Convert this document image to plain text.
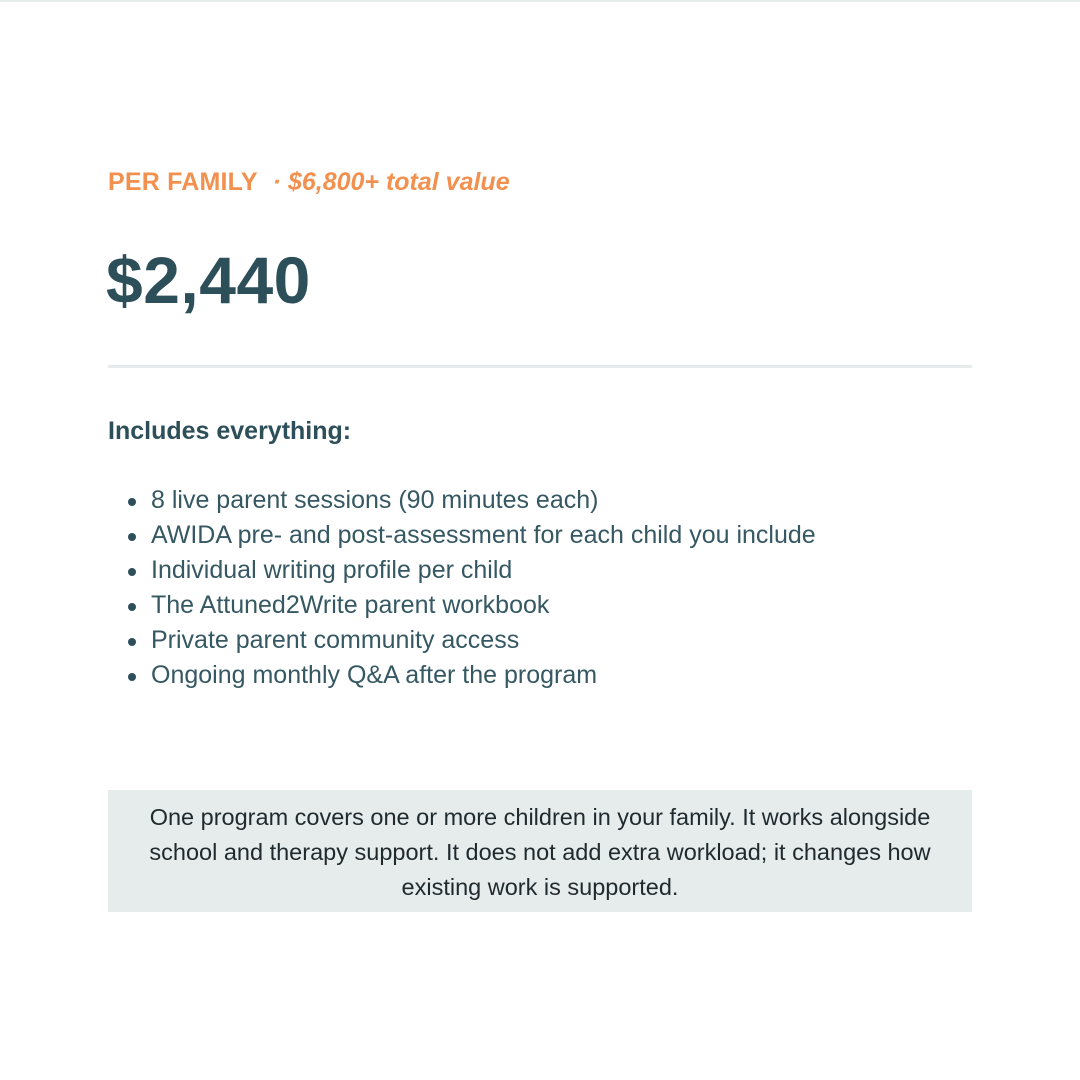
PER FAMILY · $6,800+ total value
$2,440
Includes everything:
8 live parent sessions (90 minutes each)
AWIDA pre- and post-assessment for each child you include
Individual writing profile per child
The Attuned2Write parent workbook
Private parent community access
Ongoing monthly Q&A after the program

One program covers one or more children in your family. It works alongside school and therapy support. It does not add extra workload; it changes how existing work is supported.
